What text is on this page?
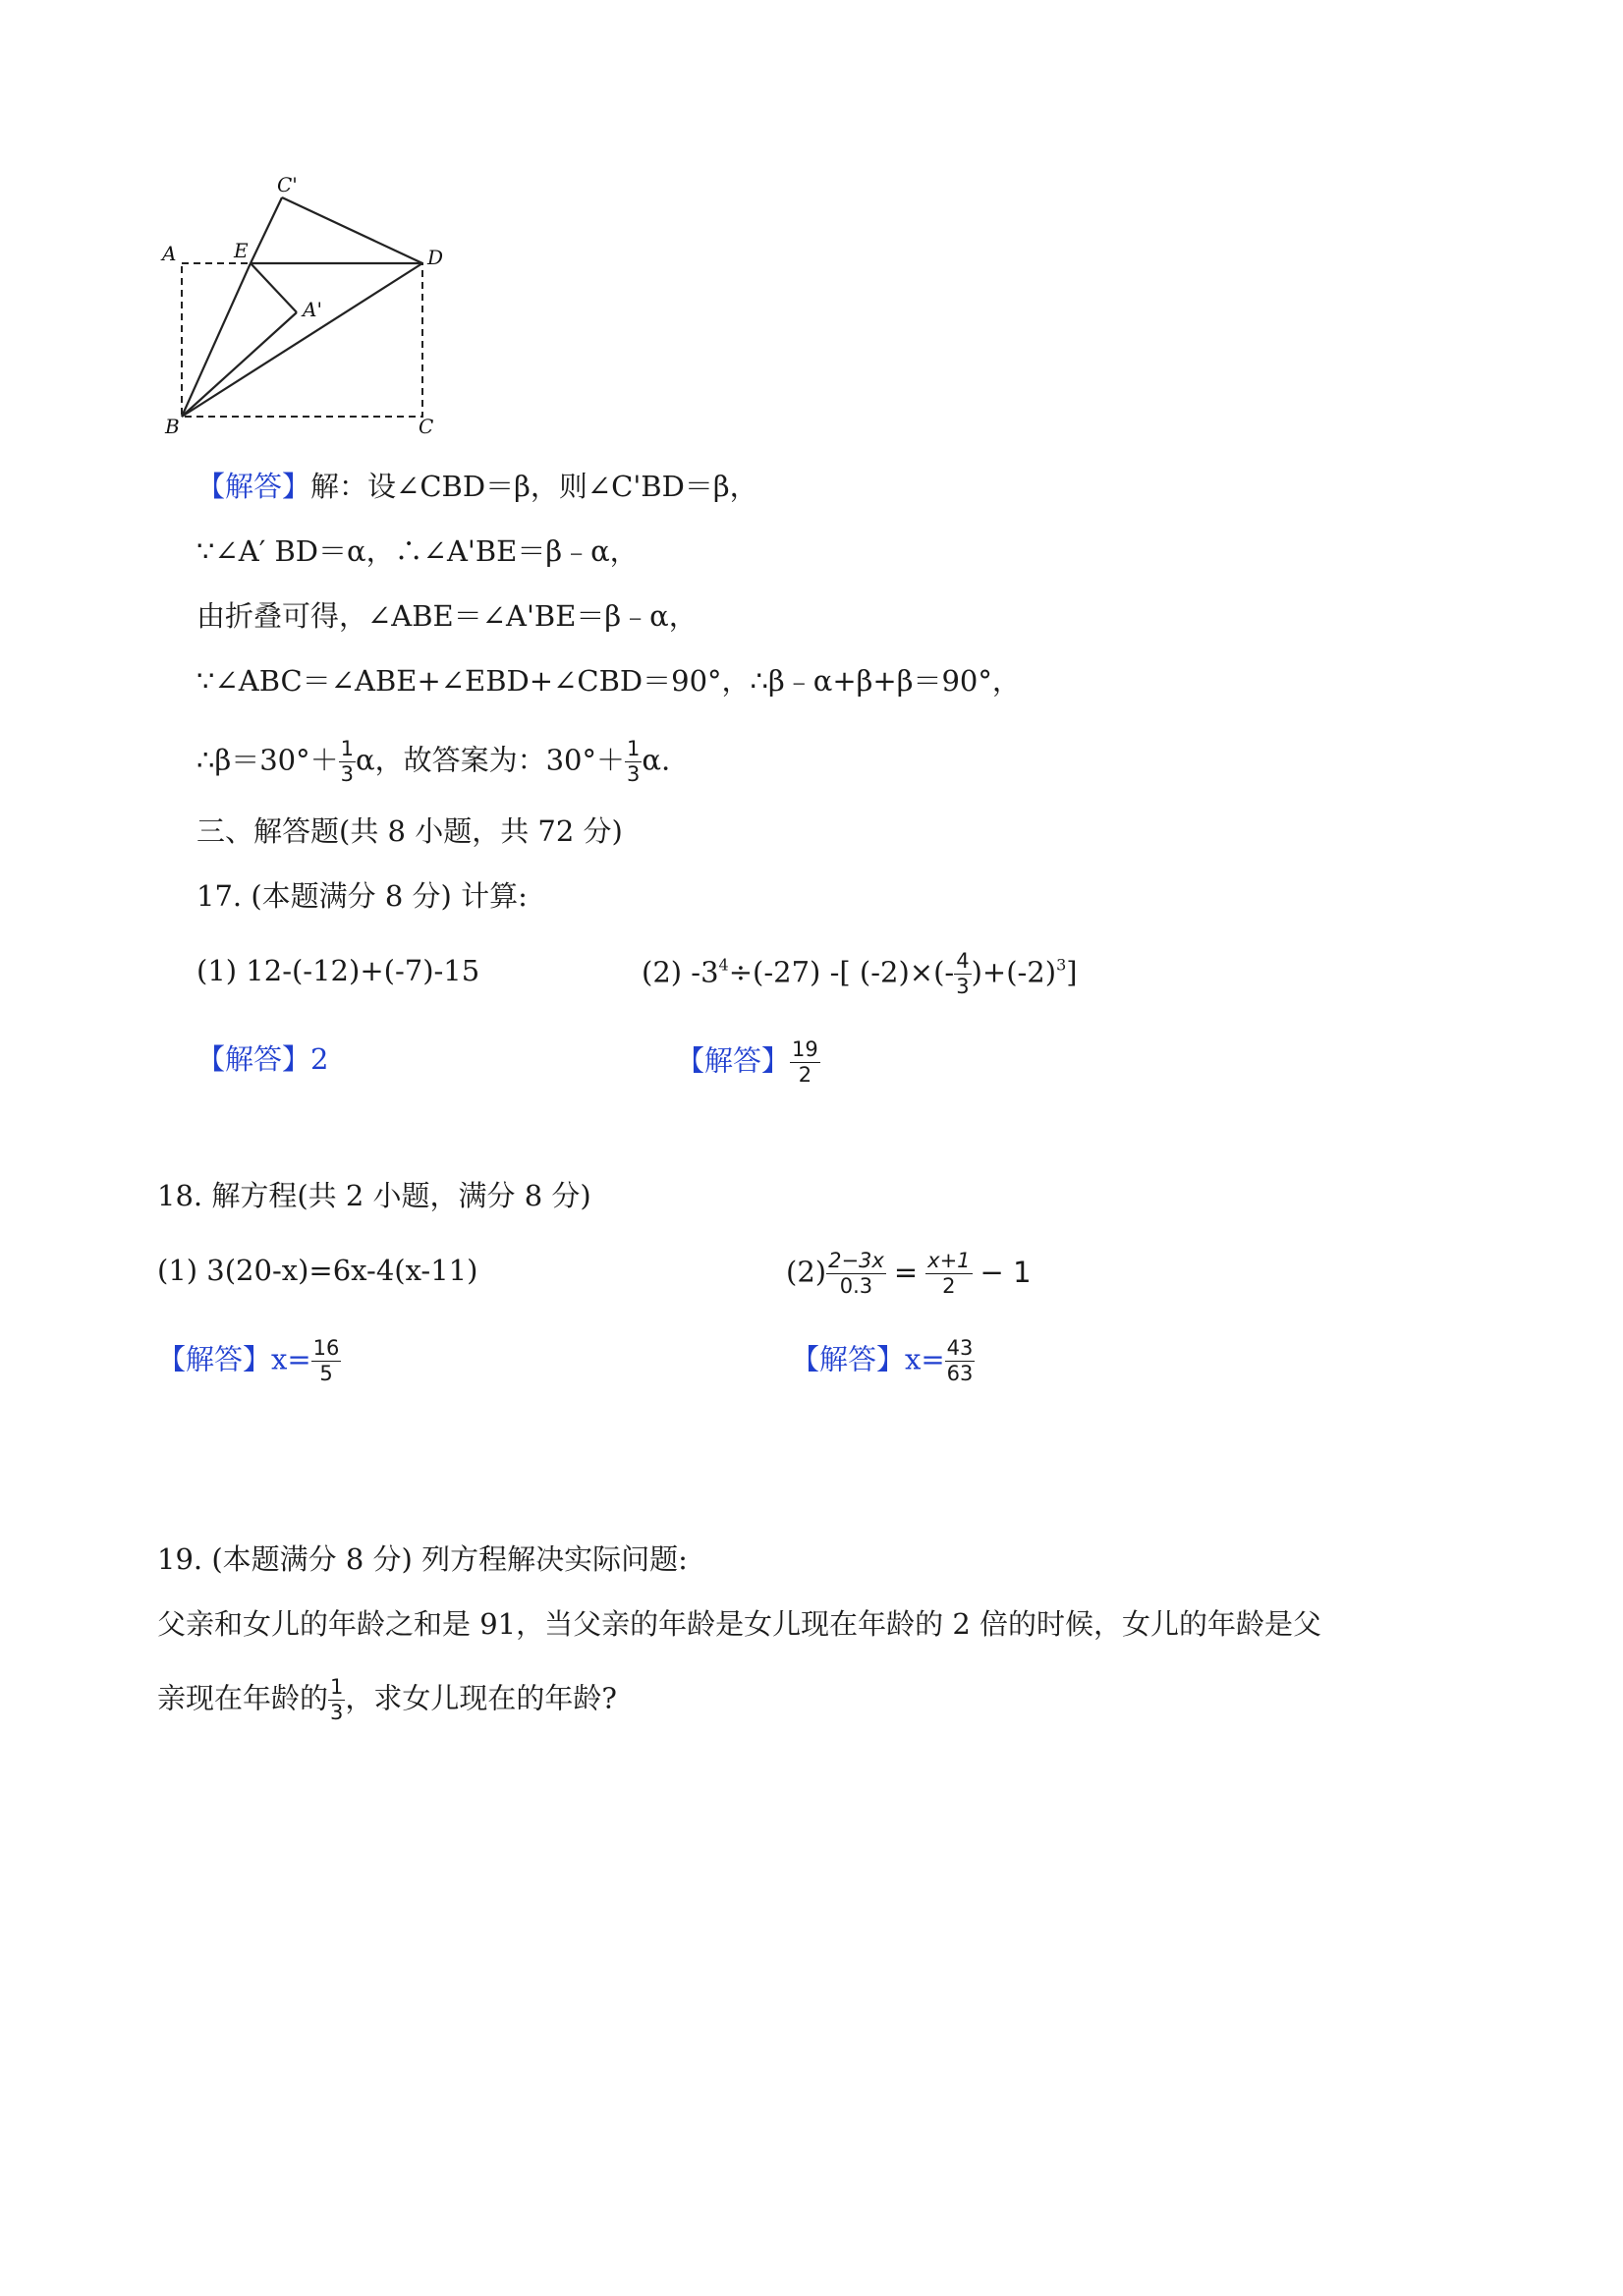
C'
A	E	D
A'
B	C
【解答】解：设∠CBD＝β，则∠C'BD＝β，
∵∠A′ BD＝α，∴∠A'BE＝β﹣α，
由折叠可得，∠ABE＝∠A'BE＝β﹣α，
∵∠ABC＝∠ABE+∠EBD+∠CBD＝90°，∴β﹣α+β+β＝90°，
∴β＝30°＋ $\frac{1}{3}$ α，故答案为：$30^\circ+ \frac{1}{3} \alpha$.
三、解答题(共 8 小题，共 72 分)
17. (本题满分 8 分) 计算:
(1) 12-(-12)+(-7)-15	(2) $-3^4\div(-27)$ -[ $(-2)\times(- \frac{4}{3} )+(-2)^3$]
【解答】2	【解答】 $\frac{19}{2}$
18. 解方程(共 2 小题，满分 8 分)
(1) 3(20-x)=6x-4(x-11)	$(2) \frac{2-3x}{0.3} = \frac{x+1}{2} - 1$
【解答】$x= \frac{16}{5}$	【解答】$x= \frac{43}{63}$
19. (本题满分 8 分) 列方程解决实际问题:
父亲和女儿的年龄之和是 91，当父亲的年龄是女儿现在年龄的 2 倍的时候，女儿的年龄是父
亲现在年龄的 $\frac{1}{3}$ ，求女儿现在的年龄?
